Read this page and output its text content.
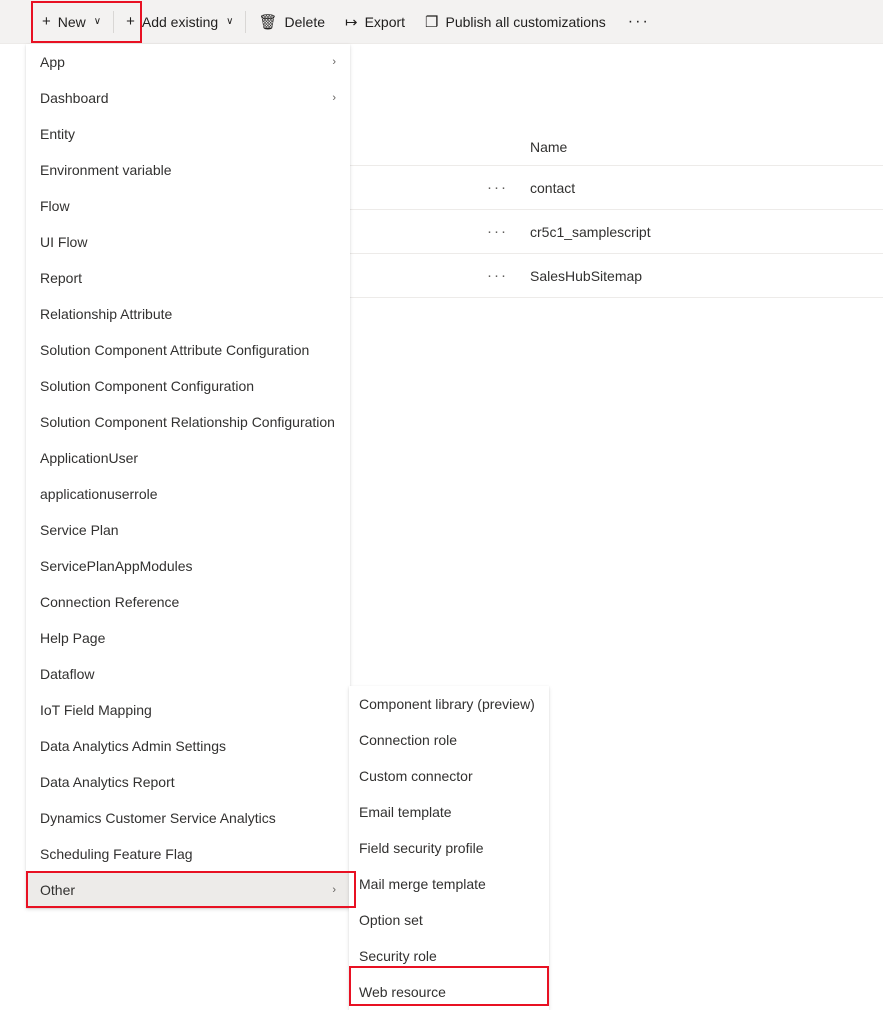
Name
··· contact
··· cr5c1_samplescript
··· SalesHubSitemap
+ New ∨ + Add existing ∨ 🗑 Delete ↦ Export ❐ Publish all customizations	···
App	›
Dashboard	›
Entity
Environment variable
Flow
UI Flow
Report
Relationship Attribute
Solution Component Attribute Configuration
Solution Component Configuration
Solution Component Relationship Configuration
ApplicationUser
applicationuserrole
Service Plan
ServicePlanAppModules
Connection Reference
Help Page
Dataflow
IoT Field Mapping
Data Analytics Admin Settings
Data Analytics Report
Dynamics Customer Service Analytics
Scheduling Feature Flag
Other	›
Component library (preview)
Connection role
Custom connector
Email template
Field security profile
Mail merge template
Option set
Security role
Web resource
